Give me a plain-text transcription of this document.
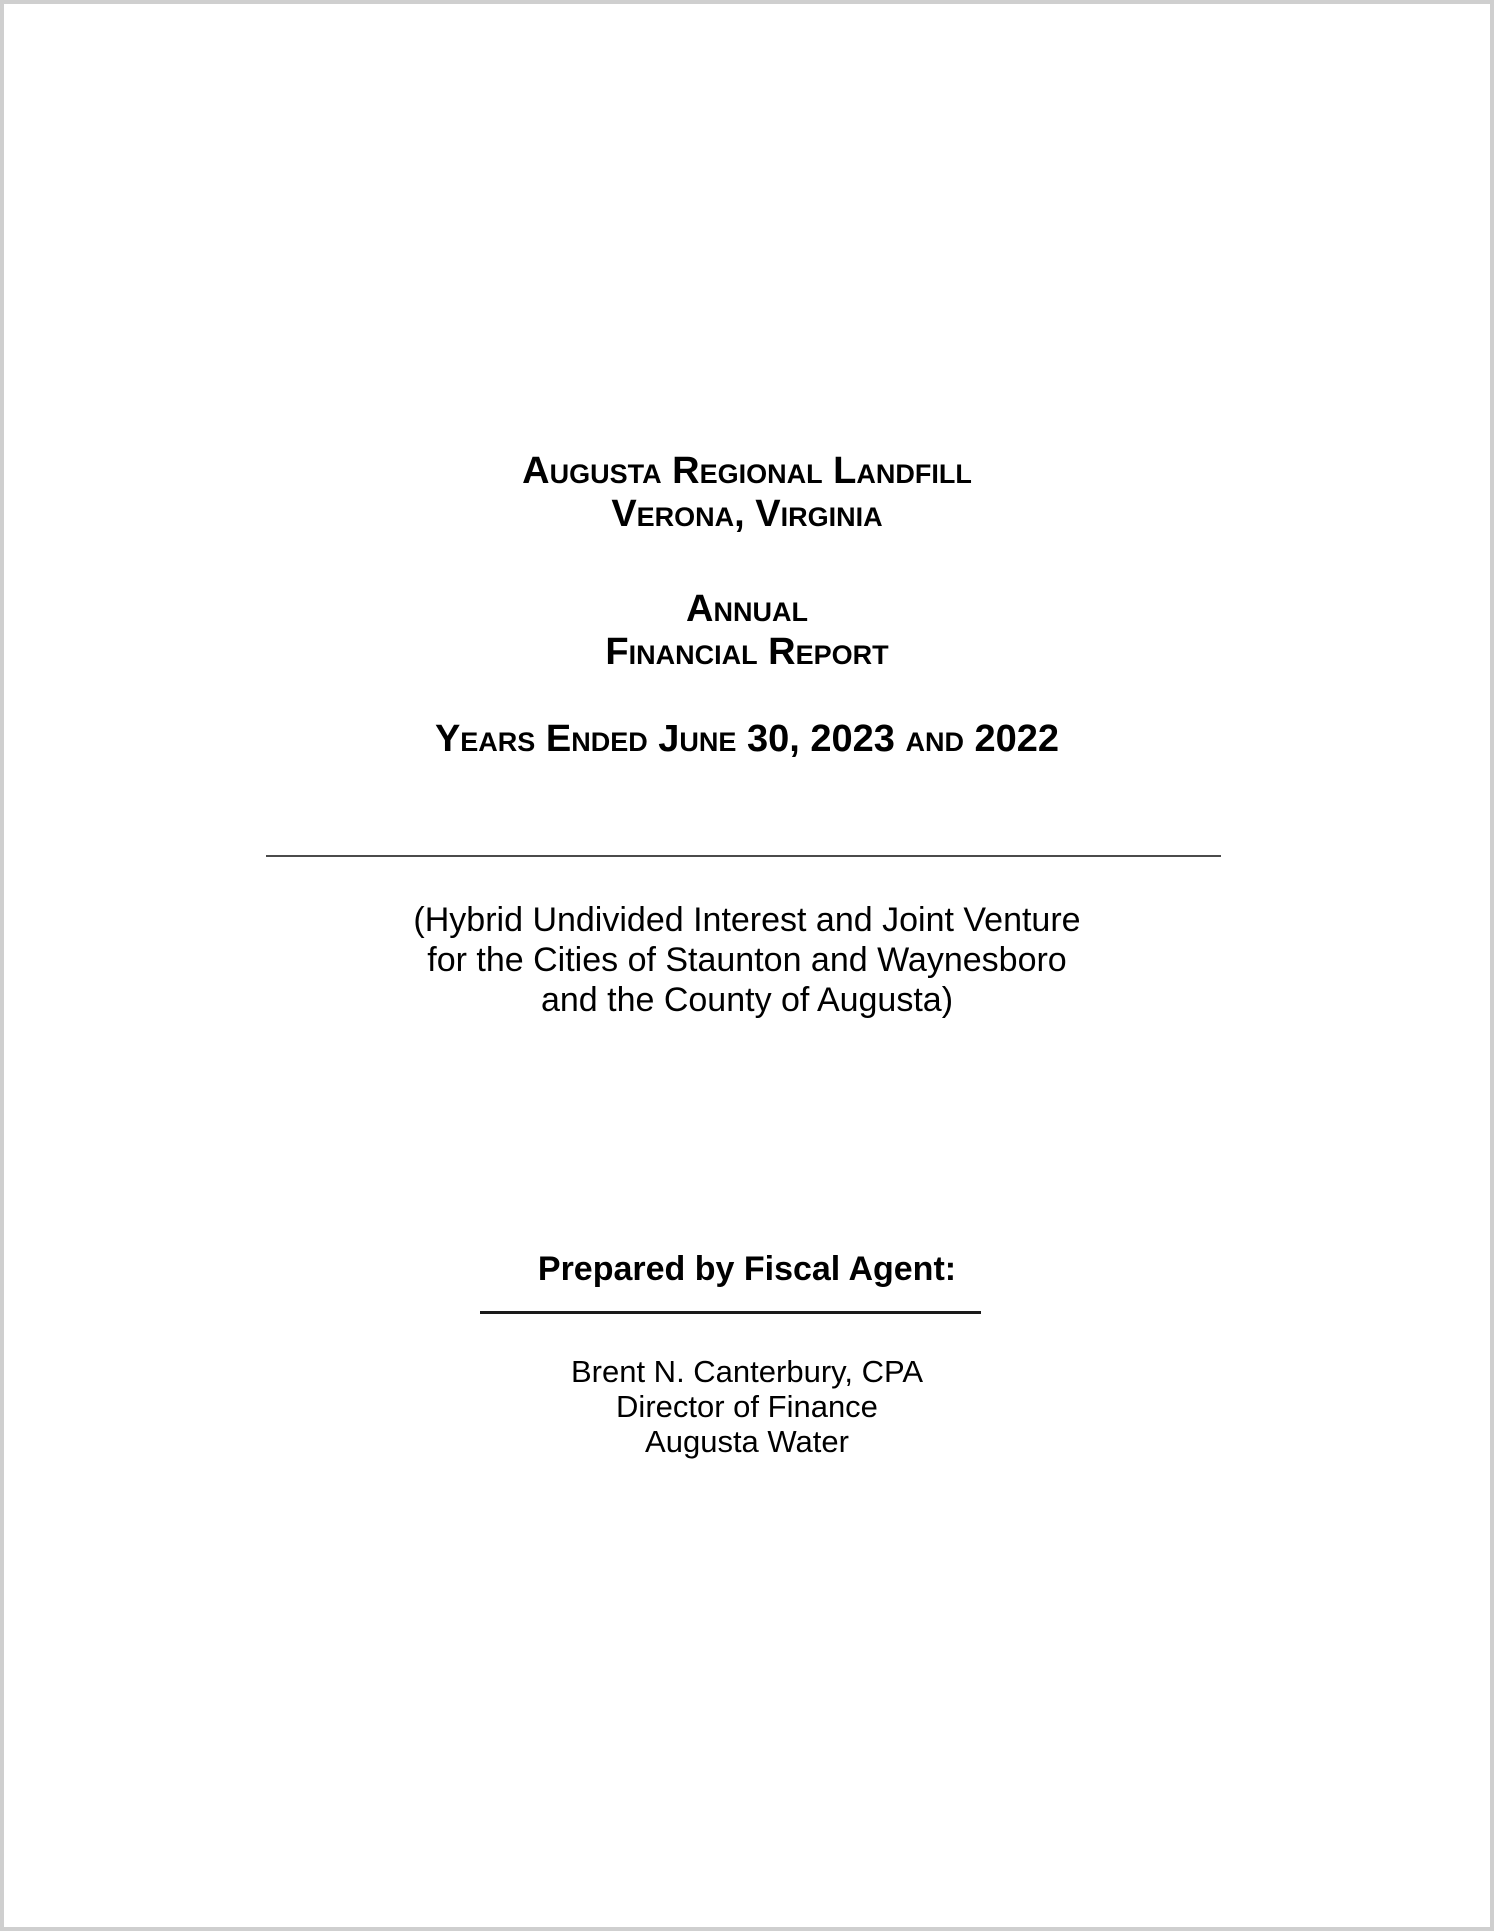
Augusta Regional Landfill
Verona, Virginia
Annual
Financial Report
Years Ended June 30, 2023 and 2022
(Hybrid Undivided Interest and Joint Venture
for the Cities of Staunton and Waynesboro
and the County of Augusta)
Prepared by Fiscal Agent:
Brent N. Canterbury, CPA
Director of Finance
Augusta Water
